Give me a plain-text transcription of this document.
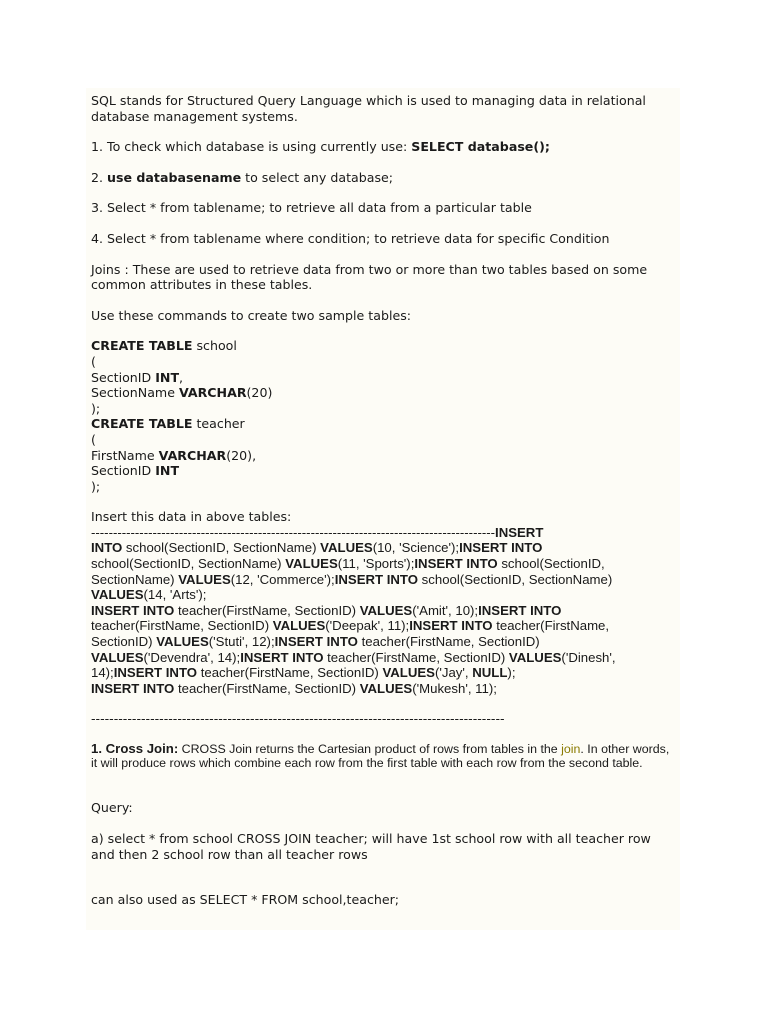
SQL stands for Structured Query Language which is used to managing data in relational database management systems.

1. To check which database is using currently use: SELECT database();

2. use databasename to select any database;

3. Select * from tablename; to retrieve all data from a particular table

4. Select * from tablename where condition; to retrieve data for specific Condition

Joins : These are used to retrieve data from two or more than two tables based on some common attributes in these tables.

Use these commands to create two sample tables:

CREATE TABLE school

(

SectionID INT,

SectionName VARCHAR(20)

);

CREATE TABLE teacher

(

FirstName VARCHAR(20),

SectionID INT

);

Insert this data in above tables:

--------------------------------------------------------------------------------------------INSERT

INTO school(SectionID, SectionName) VALUES(10, 'Science');INSERT INTO

school(SectionID, SectionName) VALUES(11, 'Sports');INSERT INTO school(SectionID,

SectionName) VALUES(12, 'Commerce');INSERT INTO school(SectionID, SectionName)

VALUES(14, 'Arts');

INSERT INTO teacher(FirstName, SectionID) VALUES('Amit', 10);INSERT INTO

teacher(FirstName, SectionID) VALUES('Deepak', 11);INSERT INTO teacher(FirstName,

SectionID) VALUES('Stuti', 12);INSERT INTO teacher(FirstName, SectionID)

VALUES('Devendra', 14);INSERT INTO teacher(FirstName, SectionID) VALUES('Dinesh',

14);INSERT INTO teacher(FirstName, SectionID) VALUES('Jay', NULL);

INSERT INTO teacher(FirstName, SectionID) VALUES('Mukesh', 11);

-------------------------------------------------------------------------------------------

1. Cross Join: CROSS Join returns the Cartesian product of rows from tables in the join. In other words, it will produce rows which combine each row from the first table with each row from the second table.

Query:

a) select * from school CROSS JOIN teacher; will have 1st school row with all teacher row and then 2 school row than all teacher rows

can also used as SELECT * FROM school,teacher;
